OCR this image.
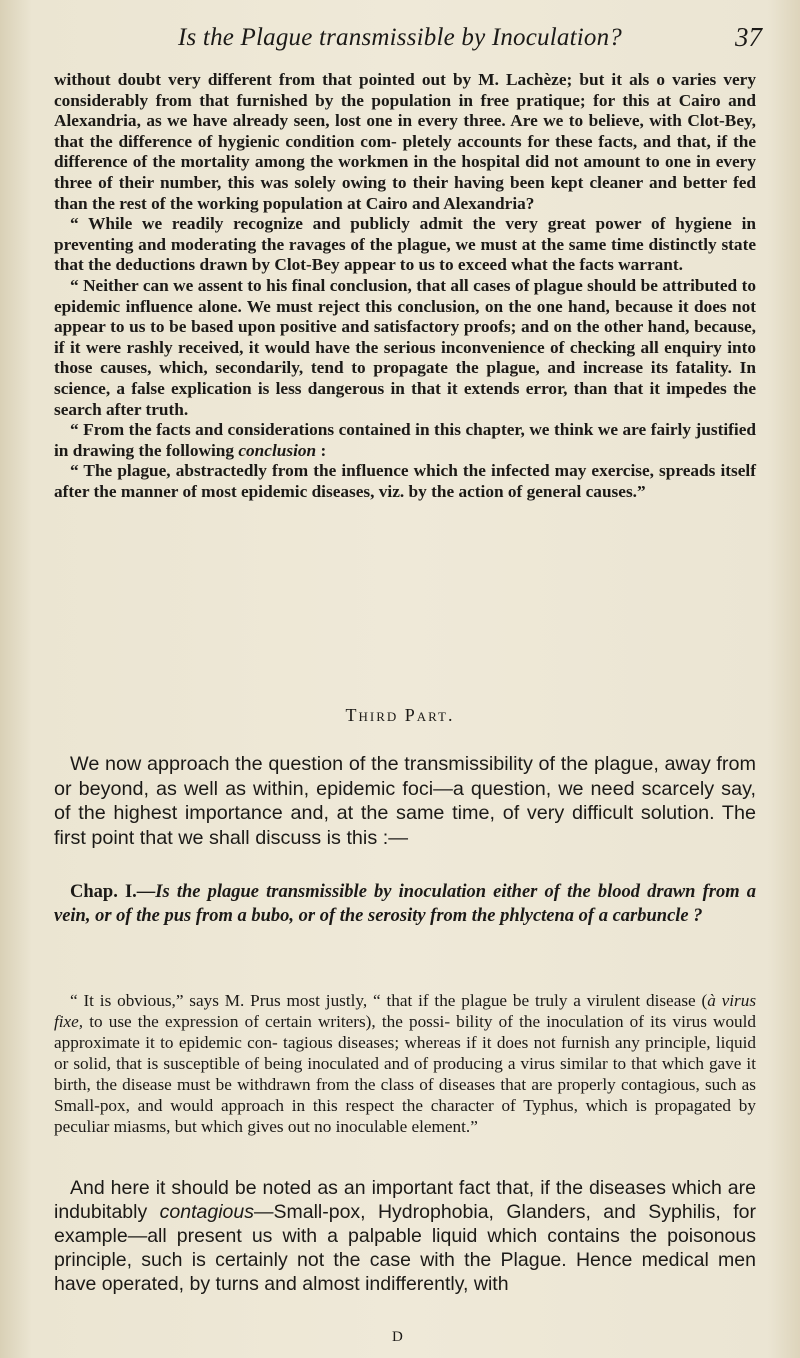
Is the Plague transmissible by Inoculation?	37

without doubt very different from that pointed out by M. Lachèze; but it als o varies very considerably from that furnished by the population in free pratique; for this at Cairo and Alexandria, as we have already seen, lost one in every three. Are we to believe, with Clot-Bey, that the difference of hygienic condition com- pletely accounts for these facts, and that, if the difference of the mortality among the workmen in the hospital did not amount to one in every three of their number, this was solely owing to their having been kept cleaner and better fed than the rest of the working population at Cairo and Alexandria?

“ While we readily recognize and publicly admit the very great power of hygiene in preventing and moderating the ravages of the plague, we must at the same time distinctly state that the deductions drawn by Clot-Bey appear to us to exceed what the facts warrant.

“ Neither can we assent to his final conclusion, that all cases of plague should be attributed to epidemic influence alone. We must reject this conclusion, on the one hand, because it does not appear to us to be based upon positive and satisfactory proofs; and on the other hand, because, if it were rashly received, it would have the serious inconvenience of checking all enquiry into those causes, which, secondarily, tend to propagate the plague, and increase its fatality. In science, a false explication is less dangerous in that it extends error, than that it impedes the search after truth.

“ From the facts and considerations contained in this chapter, we think we are fairly justified in drawing the following conclusion :

“ The plague, abstractedly from the influence which the infected may exercise, spreads itself after the manner of most epidemic diseases, viz. by the action of general causes.”

Third Part.
We now approach the question of the transmissibility of the plague, away from or beyond, as well as within, epidemic foci—a question, we need scarcely say, of the highest importance and, at the same time, of very difficult solution. The first point that we shall discuss is this :—
Chap. I.—Is the plague transmissible by inoculation either of the blood drawn from a vein, or of the pus from a bubo, or of the serosity from the phlyctena of a carbuncle ?
“ It is obvious,” says M. Prus most justly, “ that if the plague be truly a virulent disease (à virus fixe, to use the expression of certain writers), the possi- bility of the inoculation of its virus would approximate it to epidemic con- tagious diseases; whereas if it does not furnish any principle, liquid or solid, that is susceptible of being inoculated and of producing a virus similar to that which gave it birth, the disease must be withdrawn from the class of diseases that are properly contagious, such as Small-pox, and would approach in this respect the character of Typhus, which is propagated by peculiar miasms, but which gives out no inoculable element.”
And here it should be noted as an important fact that, if the diseases which are indubitably contagious—Small-pox, Hydrophobia, Glanders, and Syphilis, for example—all present us with a palpable liquid which contains the poisonous principle, such is certainly not the case with the Plague. Hence medical men have operated, by turns and almost indifferently, with
D
